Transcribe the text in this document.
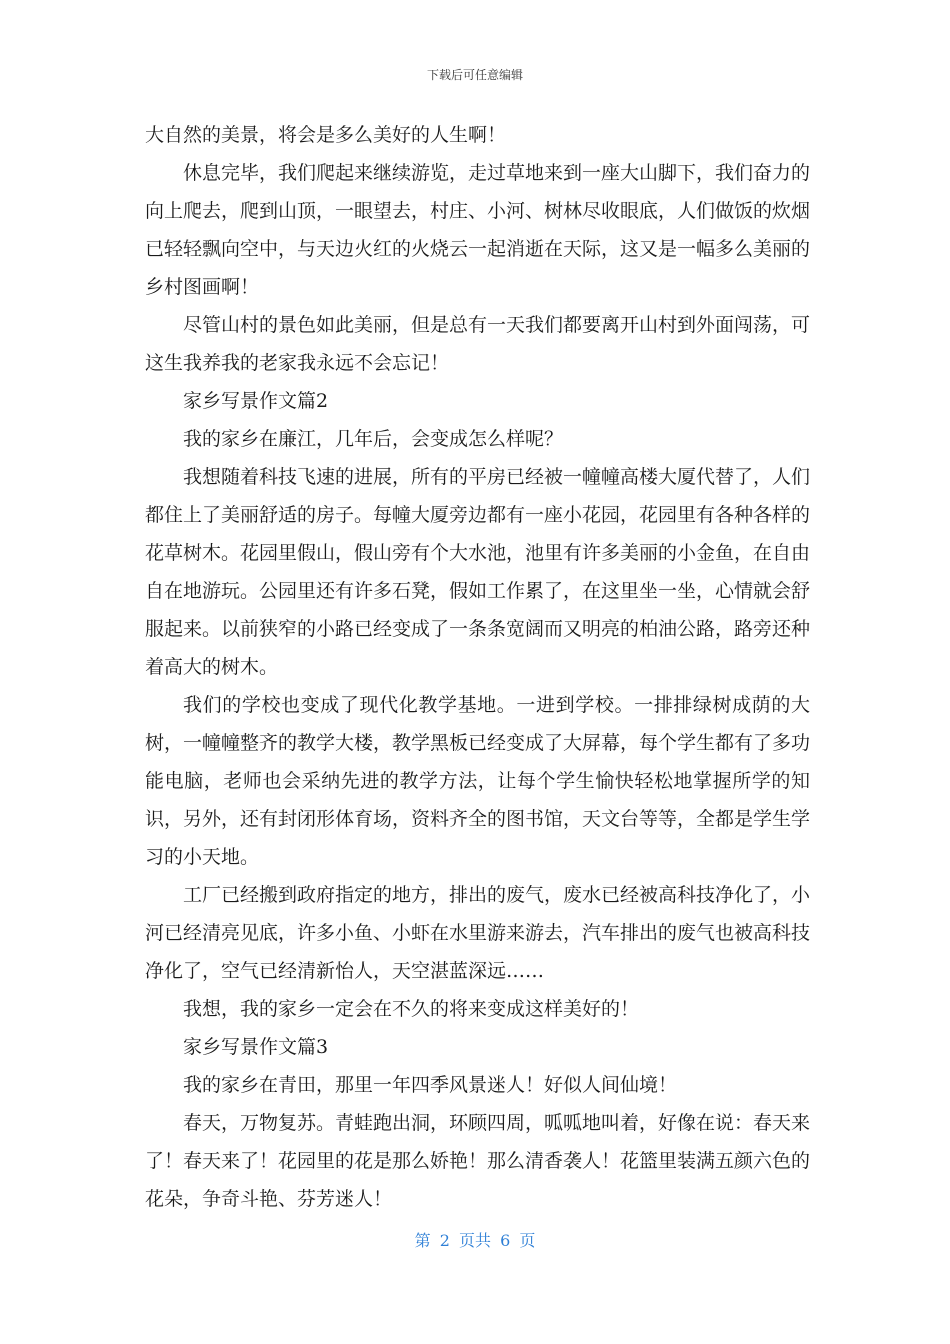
下载后可任意编辑

大自然的美景，将会是多么美好的人生啊！

休息完毕，我们爬起来继续游览，走过草地来到一座大山脚下，我们奋力的向上爬去，爬到山顶，一眼望去，村庄、小河、树林尽收眼底，人们做饭的炊烟已轻轻飘向空中，与天边火红的火烧云一起消逝在天际，这又是一幅多么美丽的乡村图画啊！

尽管山村的景色如此美丽，但是总有一天我们都要离开山村到外面闯荡，可这生我养我的老家我永远不会忘记！

家乡写景作文篇2

我的家乡在廉江，几年后，会变成怎么样呢？

我想随着科技飞速的进展，所有的平房已经被一幢幢高楼大厦代替了，人们都住上了美丽舒适的房子。每幢大厦旁边都有一座小花园，花园里有各种各样的花草树木。花园里假山，假山旁有个大水池，池里有许多美丽的小金鱼，在自由自在地游玩。公园里还有许多石凳，假如工作累了，在这里坐一坐，心情就会舒服起来。以前狭窄的小路已经变成了一条条宽阔而又明亮的柏油公路，路旁还种着高大的树木。

我们的学校也变成了现代化教学基地。一进到学校。一排排绿树成荫的大树，一幢幢整齐的教学大楼，教学黑板已经变成了大屏幕，每个学生都有了多功能电脑，老师也会采纳先进的教学方法，让每个学生愉快轻松地掌握所学的知识，另外，还有封闭形体育场，资料齐全的图书馆，天文台等等，全都是学生学习的小天地。

工厂已经搬到政府指定的地方，排出的废气，废水已经被高科技净化了，小河已经清亮见底，许多小鱼、小虾在水里游来游去，汽车排出的废气也被高科技净化了，空气已经清新怡人，天空湛蓝深远……

我想，我的家乡一定会在不久的将来变成这样美好的！

家乡写景作文篇3

我的家乡在青田，那里一年四季风景迷人！好似人间仙境！

春天，万物复苏。青蛙跑出洞，环顾四周，呱呱地叫着，好像在说：春天来了！春天来了！花园里的花是那么娇艳！那么清香袭人！花篮里装满五颜六色的花朵，争奇斗艳、芬芳迷人！

第 2 页共 6 页
